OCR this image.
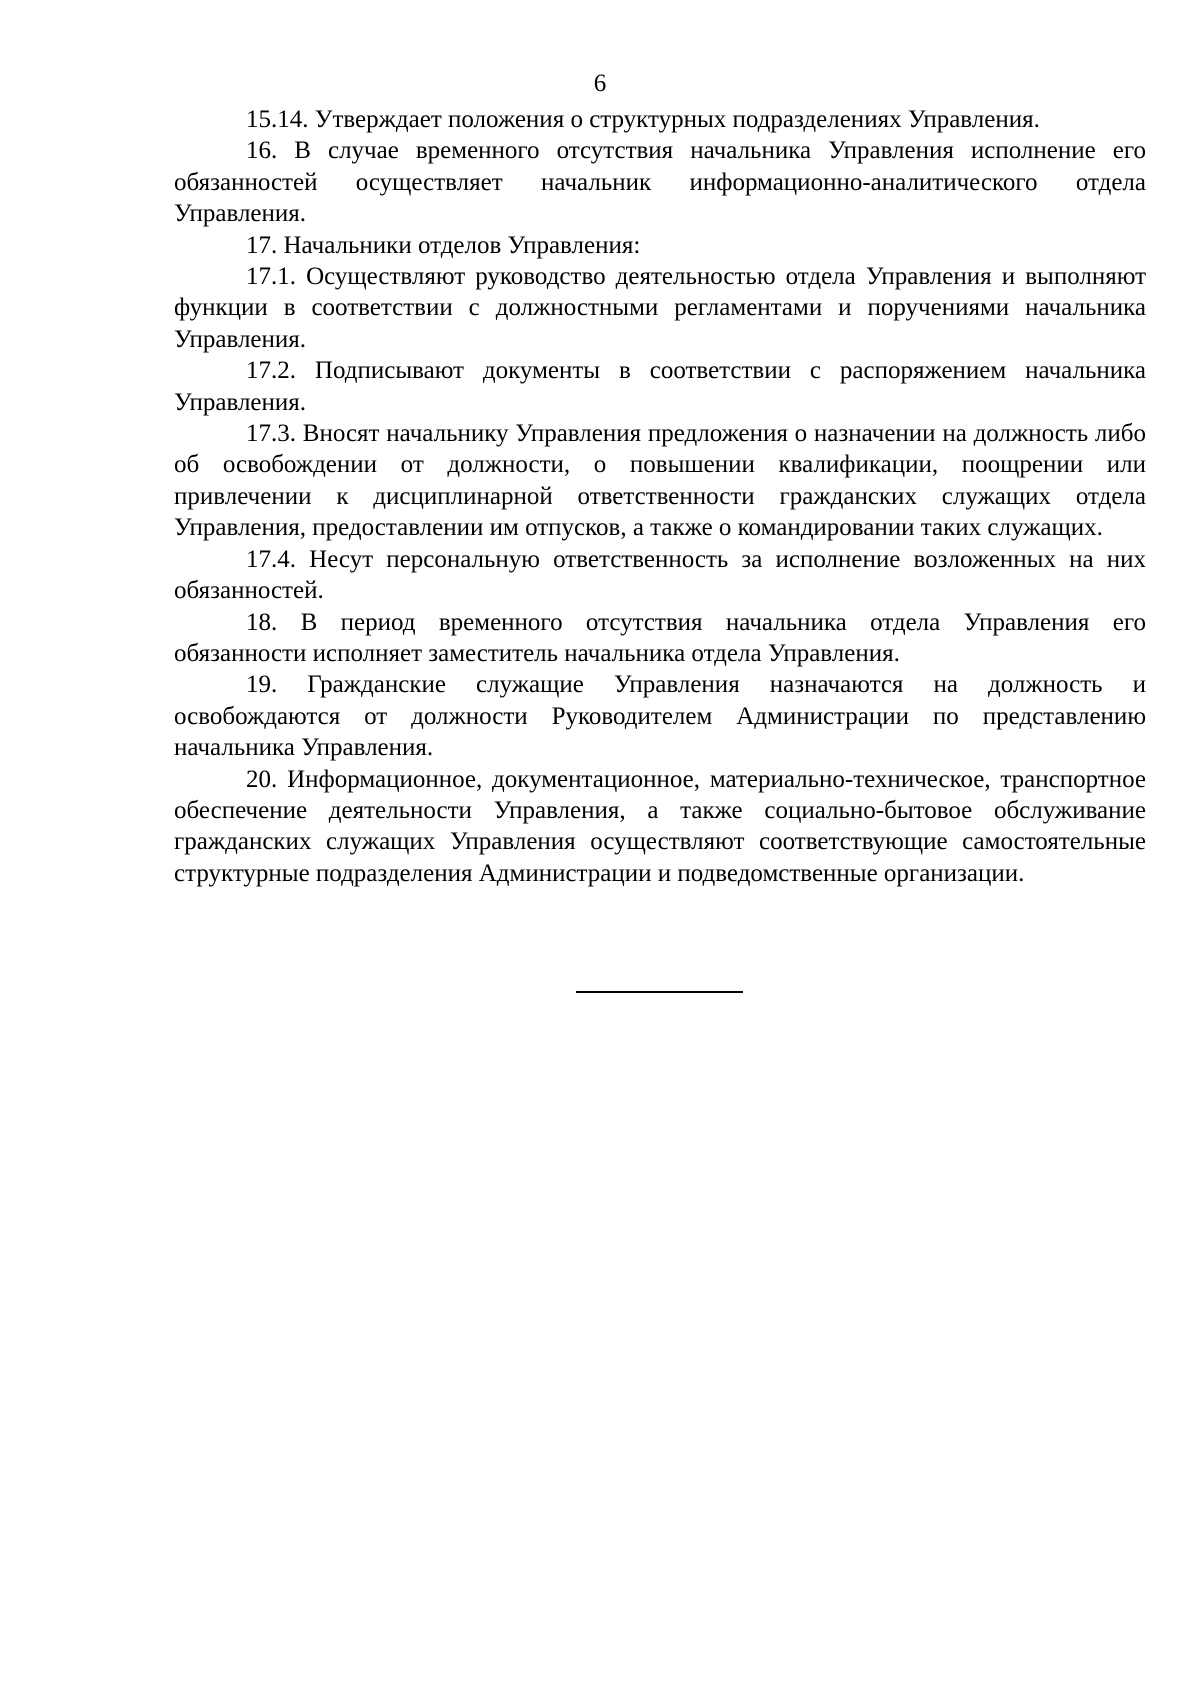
6

15.14. Утверждает положения о структурных подразделениях Управления.

16. В случае временного отсутствия начальника Управления исполнение его обязанностей осуществляет начальник информационно-аналитического отдела Управления.

17. Начальники отделов Управления:

17.1. Осуществляют руководство деятельностью отдела Управления и выполняют функции в соответствии с должностными регламентами и поручениями начальника Управления.

17.2. Подписывают документы в соответствии с распоряжением начальника Управления.

17.3. Вносят начальнику Управления предложения о назначении на должность либо об освобождении от должности, о повышении квалификации, поощрении или привлечении к дисциплинарной ответственности гражданских служащих отдела Управления, предоставлении им отпусков, а также о командировании таких служащих.

17.4. Несут персональную ответственность за исполнение возложенных на них обязанностей.

18. В период временного отсутствия начальника отдела Управления его обязанности исполняет заместитель начальника отдела Управления.

19. Гражданские служащие Управления назначаются на должность и освобождаются от должности Руководителем Администрации по представлению начальника Управления.

20. Информационное, документационное, материально-техническое, транспортное обеспечение деятельности Управления, а также социально-бытовое обслуживание гражданских служащих Управления осуществляют соответствующие самостоятельные структурные подразделения Администрации и подведомственные организации.
